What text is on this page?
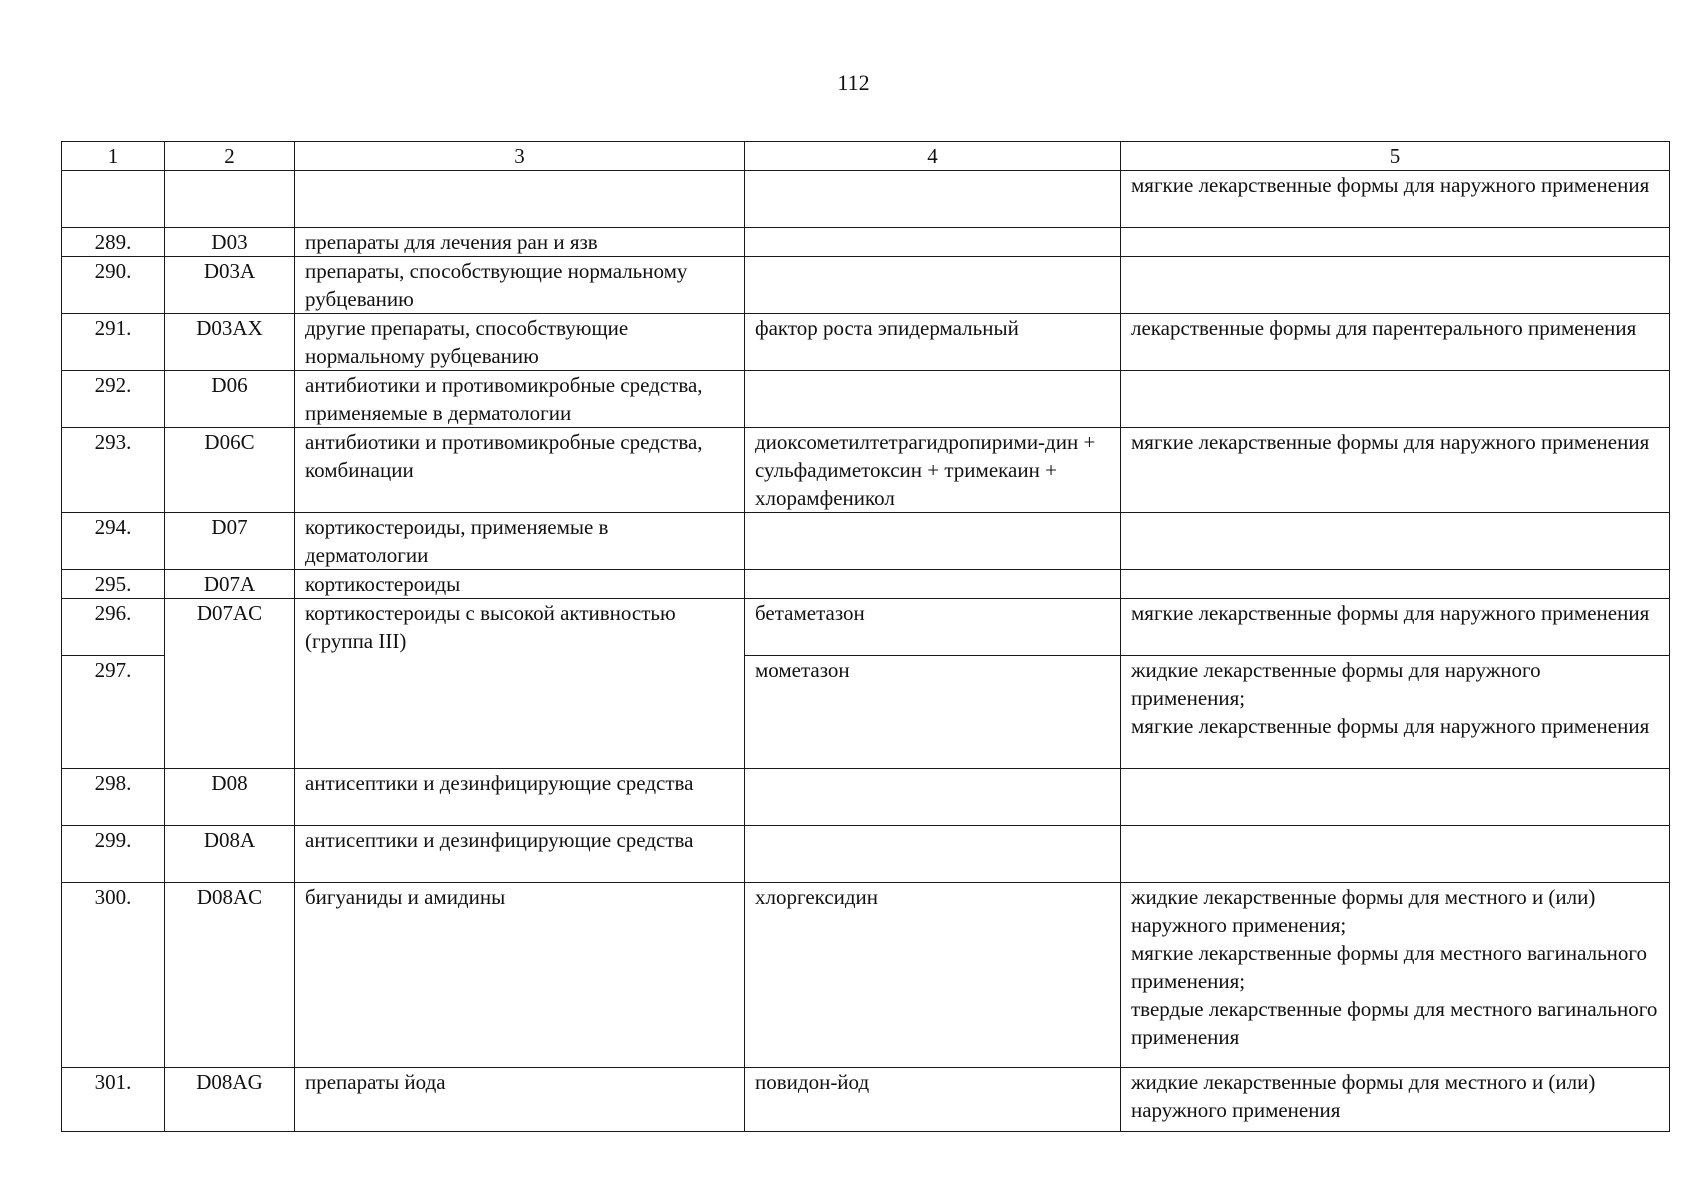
112
1	2	3	4	5
				мягкие лекарственные формы для наружного применения
289.	D03	препараты для лечения ран и язв		
290.	D03A	препараты, способствующие нормальному рубцеванию		
291.	D03AX	другие препараты, способствующие нормальному рубцеванию	фактор роста эпидермальный	лекарственные формы для парентерального применения
292.	D06	антибиотики и противомикробные средства, применяемые в дерматологии		
293.	D06C	антибиотики и противомикробные средства, комбинации	диоксометилтетрагидропирими-дин + сульфадиметоксин + тримекаин + хлорамфеникол	мягкие лекарственные формы для наружного применения
294.	D07	кортикостероиды, применяемые в дерматологии		
295.	D07A	кортикостероиды		
296.	D07AC	кортикостероиды с высокой активностью (группа III)	бетаметазон	мягкие лекарственные формы для наружного применения
297.			мометазон	жидкие лекарственные формы для наружного применения;
мягкие лекарственные формы для наружного применения
298.	D08	антисептики и дезинфицирующие средства		
299.	D08A	антисептики и дезинфицирующие средства		
300.	D08AC	бигуаниды и амидины	хлоргексидин	жидкие лекарственные формы для местного и (или) наружного применения;
мягкие лекарственные формы для местного вагинального применения;
твердые лекарственные формы для местного вагинального применения
301.	D08AG	препараты йода	повидон-йод	жидкие лекарственные формы для местного и (или) наружного применения
